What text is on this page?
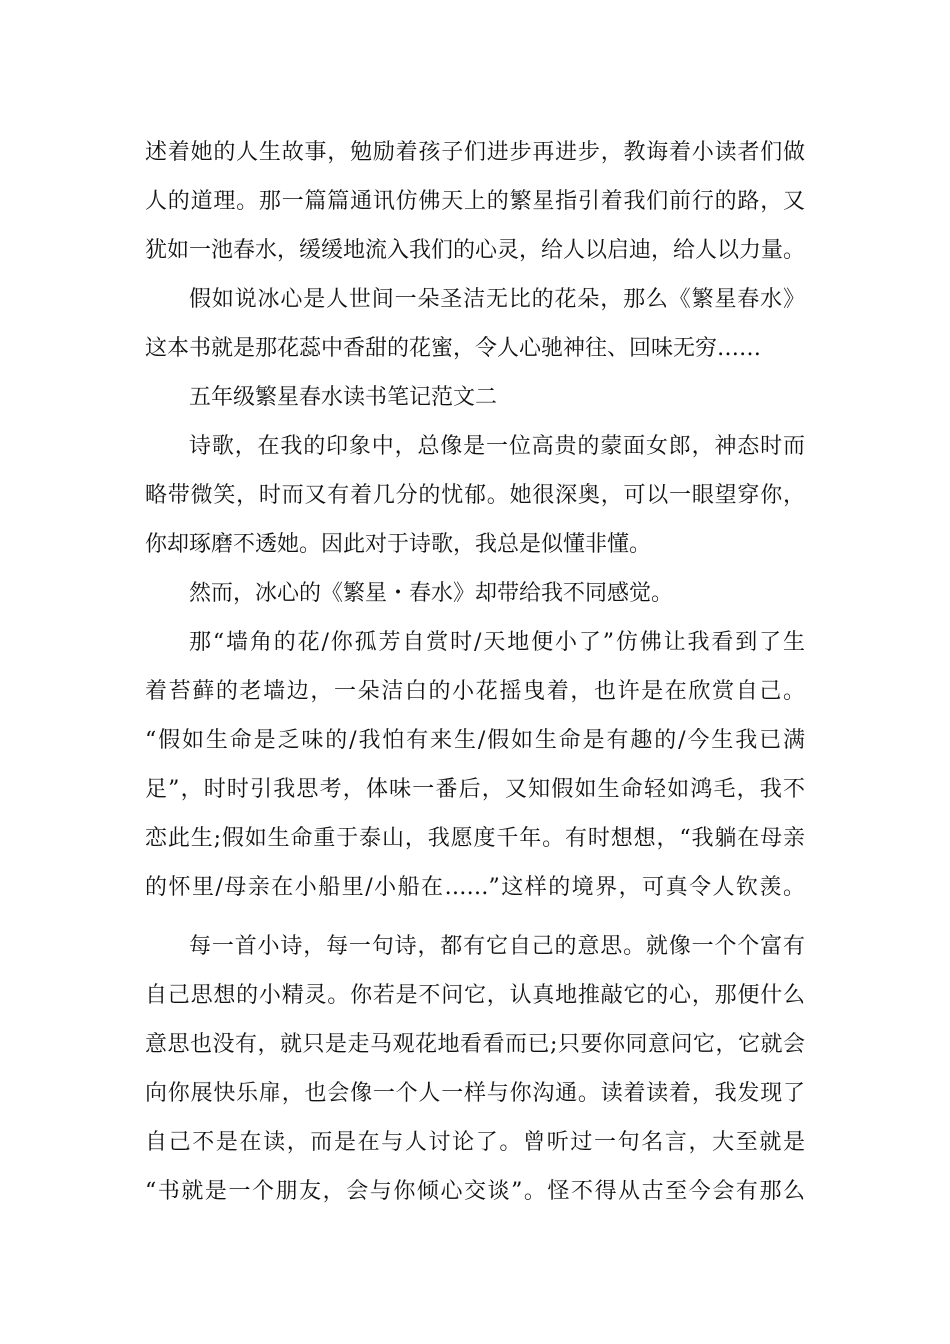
述着她的人生故事，勉励着孩子们进步再进步，教诲着小读者们做
人的道理。那一篇篇通讯仿佛天上的繁星指引着我们前行的路，又
犹如一池春水，缓缓地流入我们的心灵，给人以启迪，给人以力量。
假如说冰心是人世间一朵圣洁无比的花朵，那么《繁星春水》
这本书就是那花蕊中香甜的花蜜，令人心驰神往、回味无穷……
五年级繁星春水读书笔记范文二
诗歌，在我的印象中，总像是一位高贵的蒙面女郎，神态时而
略带微笑，时而又有着几分的忧郁。她很深奥，可以一眼望穿你，
你却琢磨不透她。因此对于诗歌，我总是似懂非懂。
然而，冰心的《繁星・春水》却带给我不同感觉。
那“墙角的花/你孤芳自赏时/天地便小了”仿佛让我看到了生
着苔藓的老墙边，一朵洁白的小花摇曳着，也许是在欣赏自己。
“假如生命是乏味的/我怕有来生/假如生命是有趣的/今生我已满
足”，时时引我思考，体味一番后，又知假如生命轻如鸿毛，我不
恋此生;假如生命重于泰山，我愿度千年。有时想想，“我躺在母亲
的怀里/母亲在小船里/小船在……”这样的境界，可真令人钦羡。
每一首小诗，每一句诗，都有它自己的意思。就像一个个富有
自己思想的小精灵。你若是不问它，认真地推敲它的心，那便什么
意思也没有，就只是走马观花地看看而已;只要你同意问它，它就会
向你展快乐扉，也会像一个人一样与你沟通。读着读着，我发现了
自己不是在读，而是在与人讨论了。曾听过一句名言，大至就是
“书就是一个朋友，会与你倾心交谈”。怪不得从古至今会有那么
